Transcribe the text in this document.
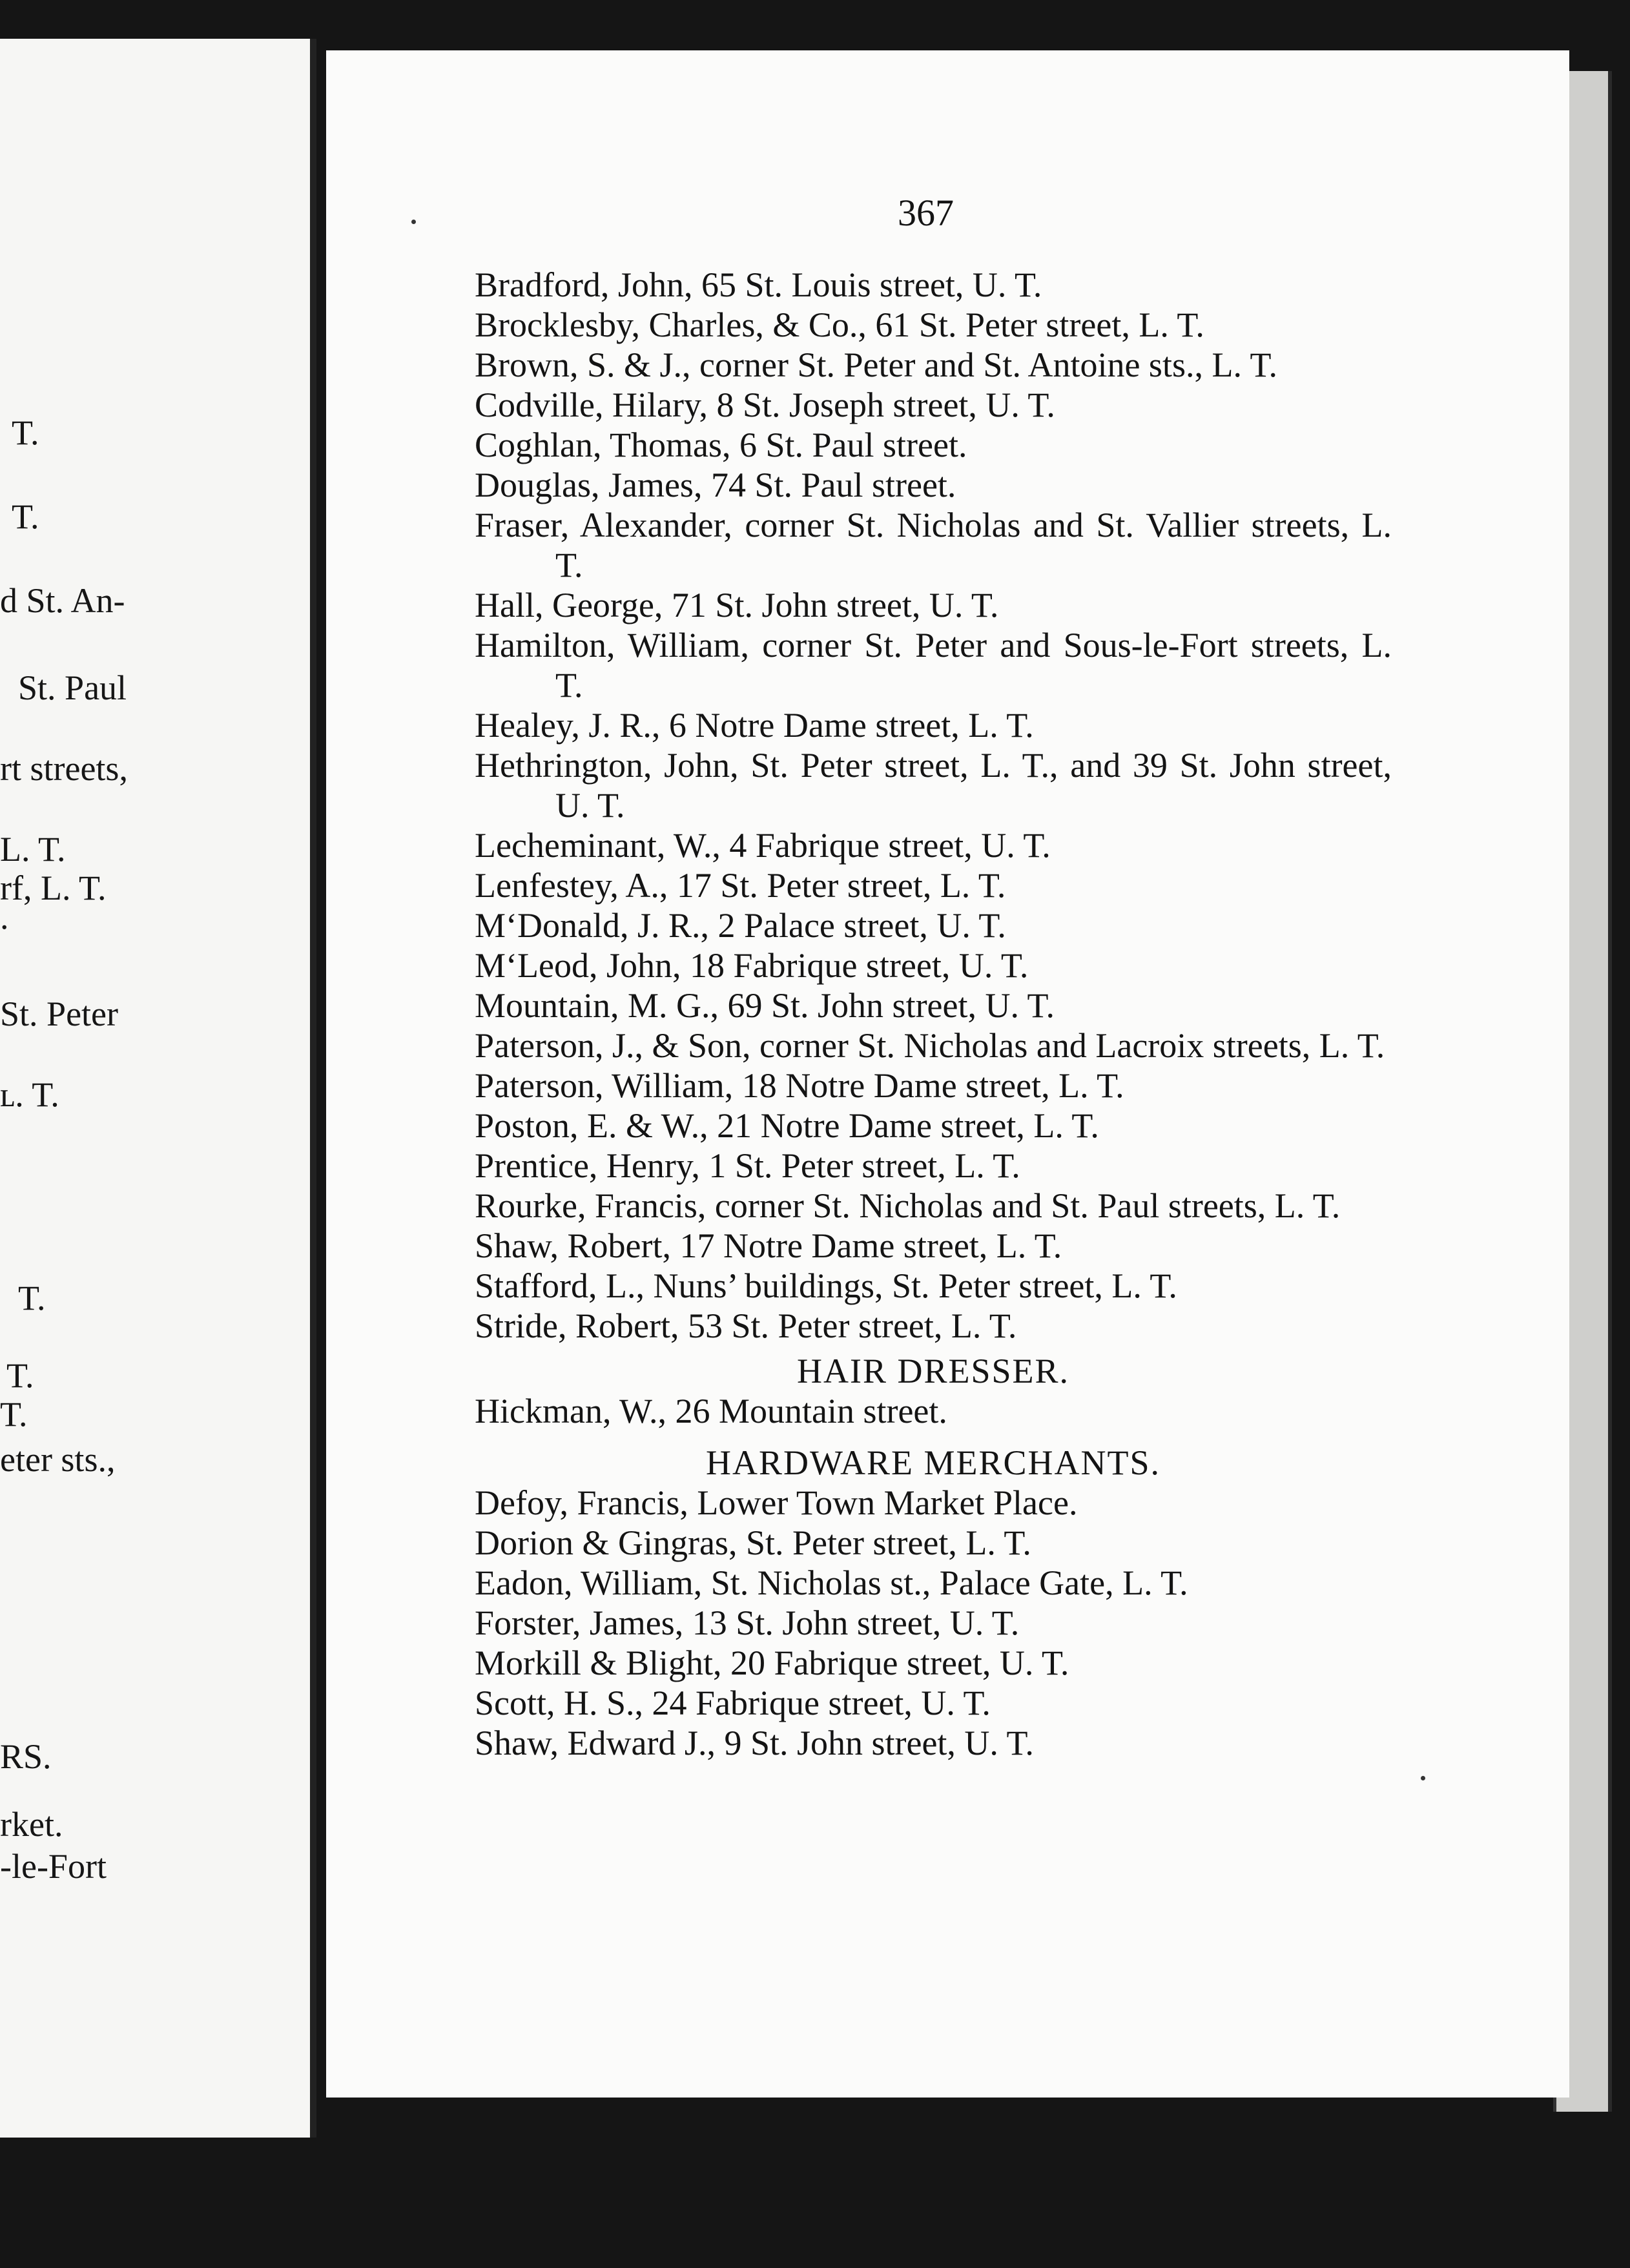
T.
T.
d St. An-
St. Paul
rt streets,
L. T.
rf, L. T.
.
St. Peter
ʟ. T.
T.
T.
T.
eter sts.,
RS.
rket.
-le-Fort
367
Bradford, John, 65 St. Louis street, U. T.
Brocklesby, Charles, & Co., 61 St. Peter street, L. T.
Brown, S. & J., corner St. Peter and St. Antoine sts., L. T.
Codville, Hilary, 8 St. Joseph street, U. T.
Coghlan, Thomas, 6 St. Paul street.
Douglas, James, 74 St. Paul street.
Fraser, Alexander, corner St. Nicholas and St. Vallier streets, L. T.
Hall, George, 71 St. John street, U. T.
Hamilton, William, corner St. Peter and Sous-le-Fort streets, L. T.
Healey, J. R., 6 Notre Dame street, L. T.
Hethrington, John, St. Peter street, L. T., and 39 St. John street, U. T.
Lecheminant, W., 4 Fabrique street, U. T.
Lenfestey, A., 17 St. Peter street, L. T.
M‘Donald, J. R., 2 Palace street, U. T.
M‘Leod, John, 18 Fabrique street, U. T.
Mountain, M. G., 69 St. John street, U. T.
Paterson, J., & Son, corner St. Nicholas and Lacroix streets, L. T.
Paterson, William, 18 Notre Dame street, L. T.
Poston, E. & W., 21 Notre Dame street, L. T.
Prentice, Henry, 1 St. Peter street, L. T.
Rourke, Francis, corner St. Nicholas and St. Paul streets, L. T.
Shaw, Robert, 17 Notre Dame street, L. T.
Stafford, L., Nuns’ buildings, St. Peter street, L. T.
Stride, Robert, 53 St. Peter street, L. T.
HAIR DRESSER.
Hickman, W., 26 Mountain street.
HARDWARE MERCHANTS.
Defoy, Francis, Lower Town Market Place.
Dorion & Gingras, St. Peter street, L. T.
Eadon, William, St. Nicholas st., Palace Gate, L. T.
Forster, James, 13 St. John street, U. T.
Morkill & Blight, 20 Fabrique street, U. T.
Scott, H. S., 24 Fabrique street, U. T.
Shaw, Edward J., 9 St. John street, U. T.
